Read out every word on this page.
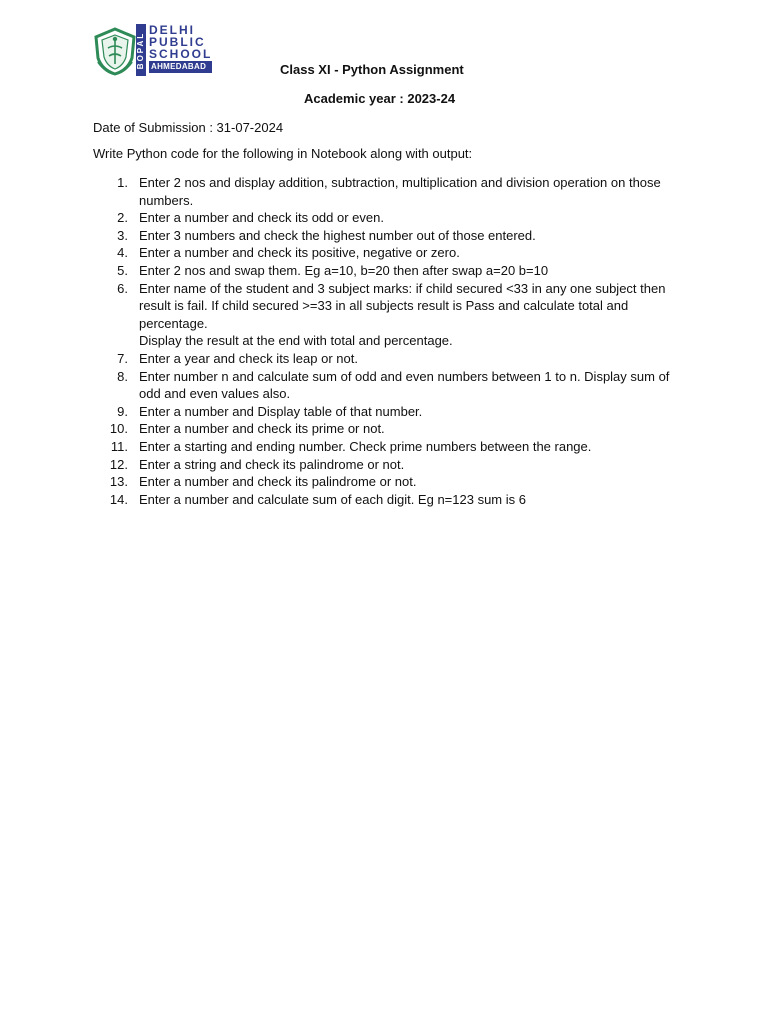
BOPAL
DELHI
PUBLIC
SCHOOL
AHMEDABAD	Class XI - Python Assignment
Academic year : 2023-24
Date of Submission : 31-07-2024
Write Python code for the following in Notebook along with output:
1. Enter 2 nos and display addition, subtraction, multiplication and division operation on those numbers.
2. Enter a number and check its odd or even.
3. Enter 3 numbers and check the highest number out of those entered.
4. Enter a number and check its positive, negative or zero.
5. Enter 2 nos and swap them. Eg a=10, b=20 then after swap a=20 b=10
6. Enter name of the student and 3 subject marks: if child secured <33 in any one subject then result is fail. If child secured >=33 in all subjects result is Pass and calculate total and percentage.
Display the result at the end with total and percentage.
7. Enter a year and check its leap or not.
8. Enter number n and calculate sum of odd and even numbers between 1 to n. Display sum of odd and even values also.
9. Enter a number and Display table of that number.
10. Enter a number and check its prime or not.
11. Enter a starting and ending number. Check prime numbers between the range.
12. Enter a string and check its palindrome or not.
13. Enter a number and check its palindrome or not.
14. Enter a number and calculate sum of each digit. Eg n=123 sum is 6
